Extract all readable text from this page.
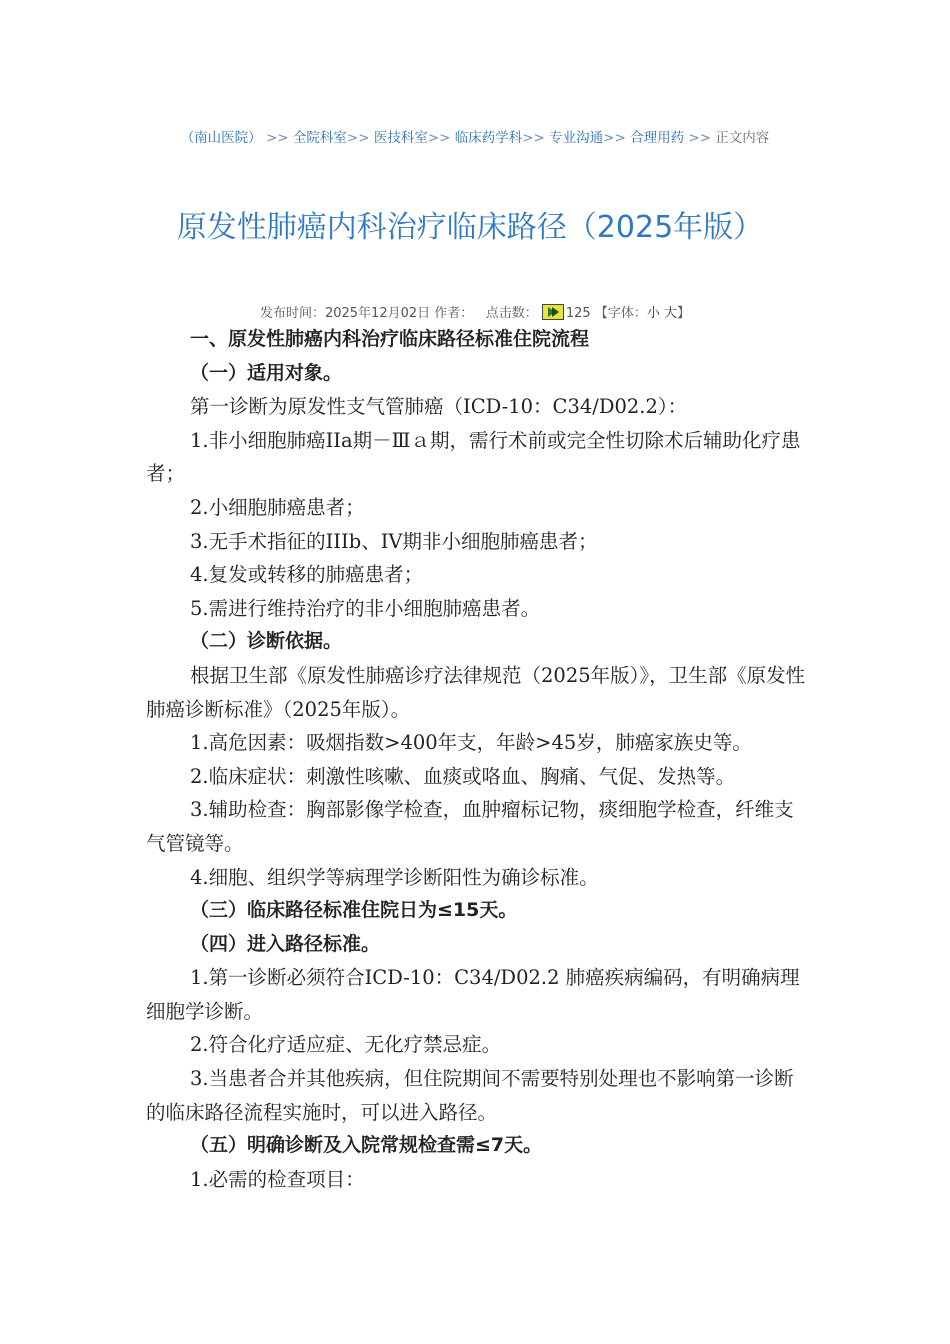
（南山医院） >> 全院科室>> 医技科室>> 临床药学科>> 专业沟通>> 合理用药 >> 正文内容
原发性肺癌内科治疗临床路径（2025年版）
发布时间：2025年12月02日 作者： 点击数： 125 【字体：小 大】

一、原发性肺癌内科治疗临床路径标准住院流程

（一）适用对象。

第一诊断为原发性支气管肺癌（ICD-10：C34/D02.2）：

1.非小细胞肺癌IIa期－Ⅲａ期，需行术前或完全性切除术后辅助化疗患者；

2.小细胞肺癌患者；

3.无手术指征的IIIb、IV期非小细胞肺癌患者；

4.复发或转移的肺癌患者；

5.需进行维持治疗的非小细胞肺癌患者。

（二）诊断依据。

根据卫生部《原发性肺癌诊疗法律规范（2025年版）》，卫生部《原发性肺癌诊断标准》（2025年版）。

1.高危因素：吸烟指数>400年支，年龄>45岁，肺癌家族史等。

2.临床症状：刺激性咳嗽、血痰或咯血、胸痛、气促、发热等。

3.辅助检查：胸部影像学检查，血肿瘤标记物，痰细胞学检查，纤维支气管镜等。

4.细胞、组织学等病理学诊断阳性为确诊标准。

（三）临床路径标准住院日为≤15天。

（四）进入路径标准。

1.第一诊断必须符合ICD-10：C34/D02.2 肺癌疾病编码，有明确病理细胞学诊断。

2.符合化疗适应症、无化疗禁忌症。

3.当患者合并其他疾病，但住院期间不需要特别处理也不影响第一诊断的临床路径流程实施时，可以进入路径。

（五）明确诊断及入院常规检查需≤7天。

1.必需的检查项目：
